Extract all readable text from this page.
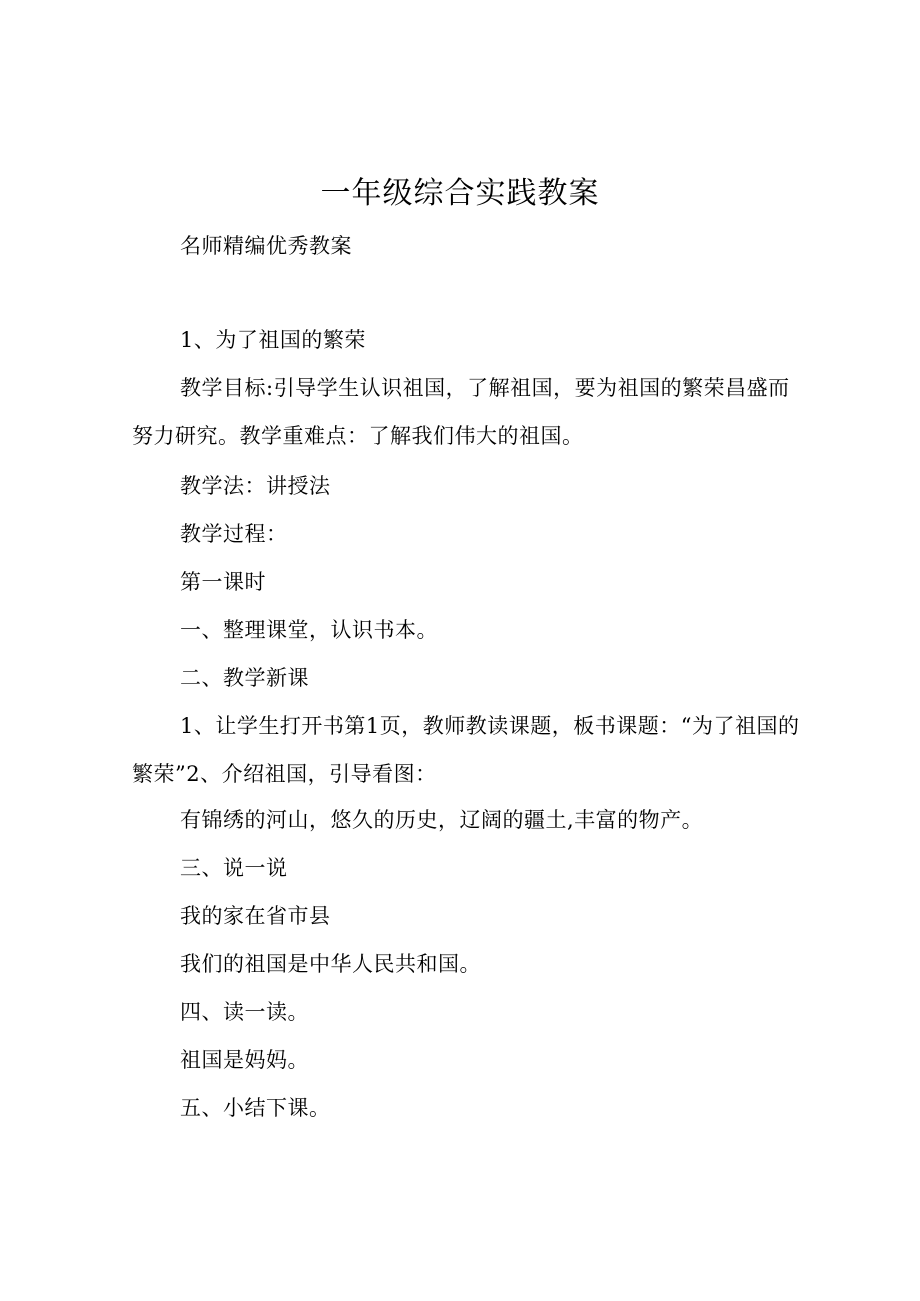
一年级综合实践教案

名师精编优秀教案

1、为了祖国的繁荣

教学目标:引导学生认识祖国，了解祖国，要为祖国的繁荣昌盛而努力研究。教学重难点：了解我们伟大的祖国。

教学法：讲授法

教学过程：

第一课时

一、整理课堂，认识书本。

二、教学新课

1、让学生打开书第1页，教师教读课题，板书课题：“为了祖国的繁荣”2、介绍祖国，引导看图：

有锦绣的河山，悠久的历史，辽阔的疆土,丰富的物产。

三、说一说

我的家在省市县

我们的祖国是中华人民共和国。

四、读一读。

祖国是妈妈。

五、小结下课。
